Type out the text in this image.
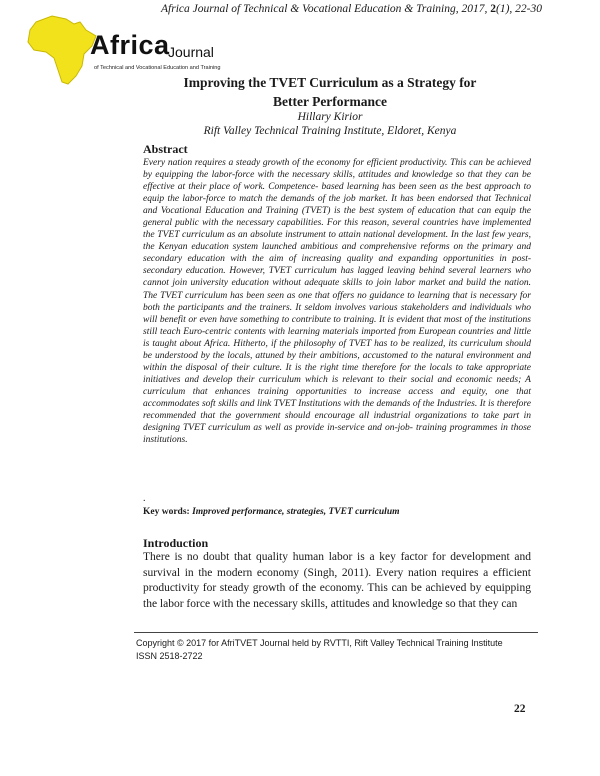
Africa Journal of Technical & Vocational Education & Training, 2017, 2(1), 22-30
Africa
Journal
of Technical and Vocational Education and Training
Improving the TVET Curriculum as a Strategy for
Better Performance
Hillary Kirior
Rift Valley Technical Training Institute, Eldoret, Kenya
Abstract
Every nation requires a steady growth of the economy for efficient productivity. This can be achieved by equipping the labor-force with the necessary skills, attitudes and knowledge so that they can be effective at their place of work. Competence- based learning has been seen as the best approach to equip the labor-force to match the demands of the job market. It has been endorsed that Technical and Vocational Education and Training (TVET) is the best system of education that can equip the general public with the necessary capabilities. For this reason, several countries have implemented the TVET curriculum as an absolute instrument to attain national development. In the last few years, the Kenyan education system launched ambitious and comprehensive reforms on the primary and secondary education with the aim of increasing quality and expanding opportunities in post-secondary education. However, TVET curriculum has lagged leaving behind several learners who cannot join university education without adequate skills to join labor market and build the nation. The TVET curriculum has been seen as one that offers no guidance to learning that is necessary for both the participants and the trainers. It seldom involves various stakeholders and individuals who will benefit or even have something to contribute to training. It is evident that most of the institutions still teach Euro-centric contents with learning materials imported from European countries and little is taught about Africa. Hitherto, if the philosophy of TVET has to be realized, its curriculum should be understood by the locals, attuned by their ambitions, accustomed to the natural environment and within the disposal of their culture. It is the right time therefore for the locals to take appropriate initiatives and develop their curriculum which is relevant to their social and economic needs; A curriculum that enhances training opportunities to increase access and equity, one that accommodates soft skills and link TVET Institutions with the demands of the Industries. It is therefore recommended that the government should encourage all industrial organizations to take part in designing TVET curriculum as well as provide in-service and on-job- training programmes in those institutions.
.
Key words: Improved performance, strategies, TVET curriculum
Introduction
There is no doubt that quality human labor is a key factor for development and survival in the modern economy (Singh, 2011). Every nation requires a efficient productivity for steady growth of the economy. This can be achieved by equipping the labor force with the necessary skills, attitudes and knowledge so that they can
Copyright © 2017 for AfriTVET Journal held by RVTTI, Rift Valley Technical Training Institute
ISSN 2518-2722
22
